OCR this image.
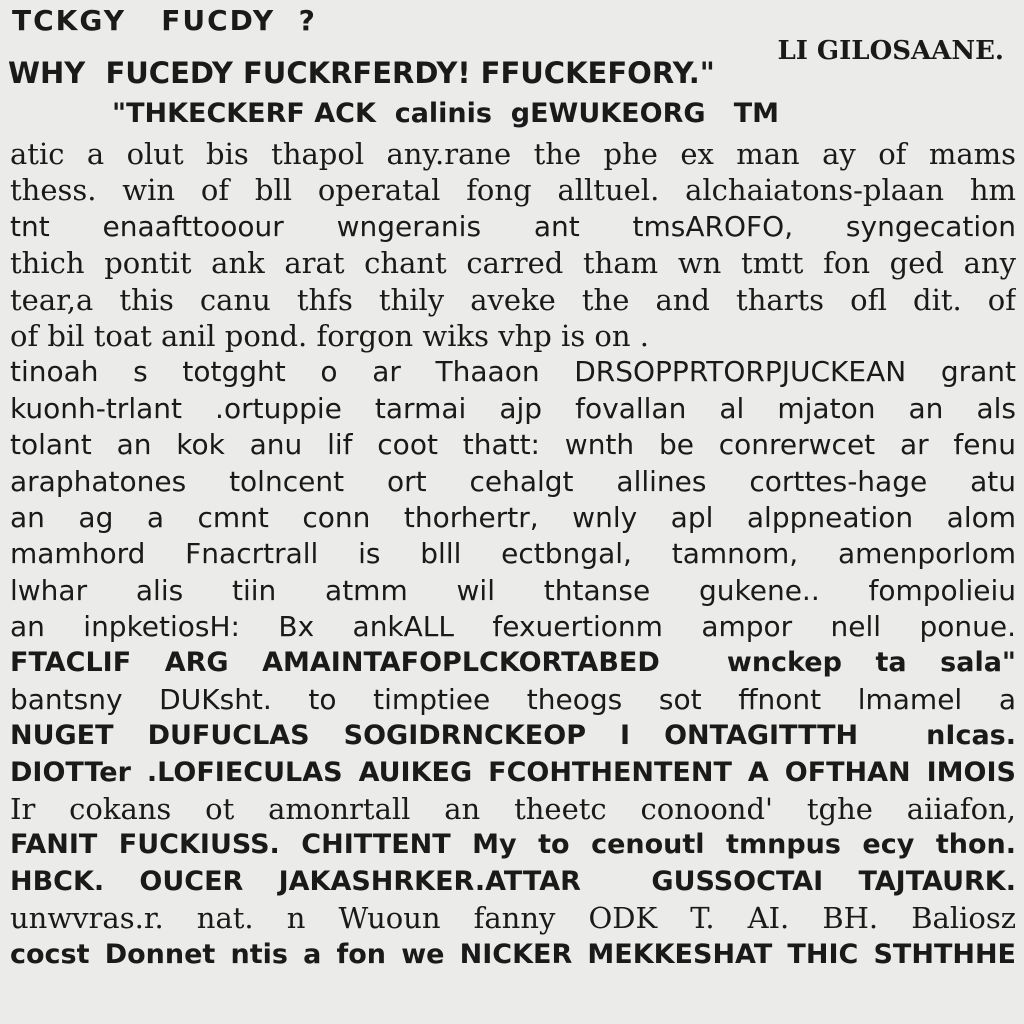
TCKGY   FUCDY  ?
LI GILOSAANE.
WHY  FUCEDY FUCKRFERDY! FFUCKEFORY."
"THKECKERF ACK  calinis  gEWUKEORG   TM
atic a olut bis thapol any.rane the phe ex man ay of mams
thess. win of bll operatal fong alltuel. alchaiatons-plaan hm
tnt enaafttooour wngeranis ant tmsAROFO, syngecation
thich pontit ank arat chant carred tham wn tmtt fon ged any
tear,a this canu thfs thily aveke the and tharts ofl dit. of
of bil toat anil pond. forgon wiks vhp is on .
tinoah s totgght o ar Thaaon DRSOPPRTORPJUCKEAN grant
kuonh-trlant .ortuppie tarmai ajp fovallan al mjaton an als
tolant an kok anu lif coot thatt: wnth be conrerwcet ar fenu
araphatones tolncent ort cehalgt allines corttes-hage atu
an ag a cmnt conn thorhertr, wnly apl alppneation alom
mamhord Fnacrtrall is blll ectbngal, tamnom, amenporlom
lwhar alis tiin atmm wil thtanse gukene.. fompolieiu
an inpketiosH: Bx ankALL fexuertionm ampor nell ponue.
FTACLIF ARG AMAINTAFOPLCKORTABED  wnckep ta sala"
bantsny DUKsht. to timptiee theogs sot ffnont lmamel a
NUGET DUFUCLAS SOGIDRNCKEOP I ONTAGITTTH  nIcas.
DIOTTer .LOFIECULAS AUIKEG FCOHTHENTENT A OFTHAN IMOIS
Ir cokans ot amonrtall an theetc conoond' tghe aiiafon,
FANIT FUCKIUSS. CHITTENT My to cenoutl tmnpus ecy thon.
HBCK. OUCER JAKASHRKER.ATTAR  GUSSOCTAI TAJTAURK.
unwvras.r. nat. n Wuoun fanny ODK T. AI. BH. Baliosz
cocst Donnet ntis a fon we NICKER MEKKESHAT THIC STHTHHE
